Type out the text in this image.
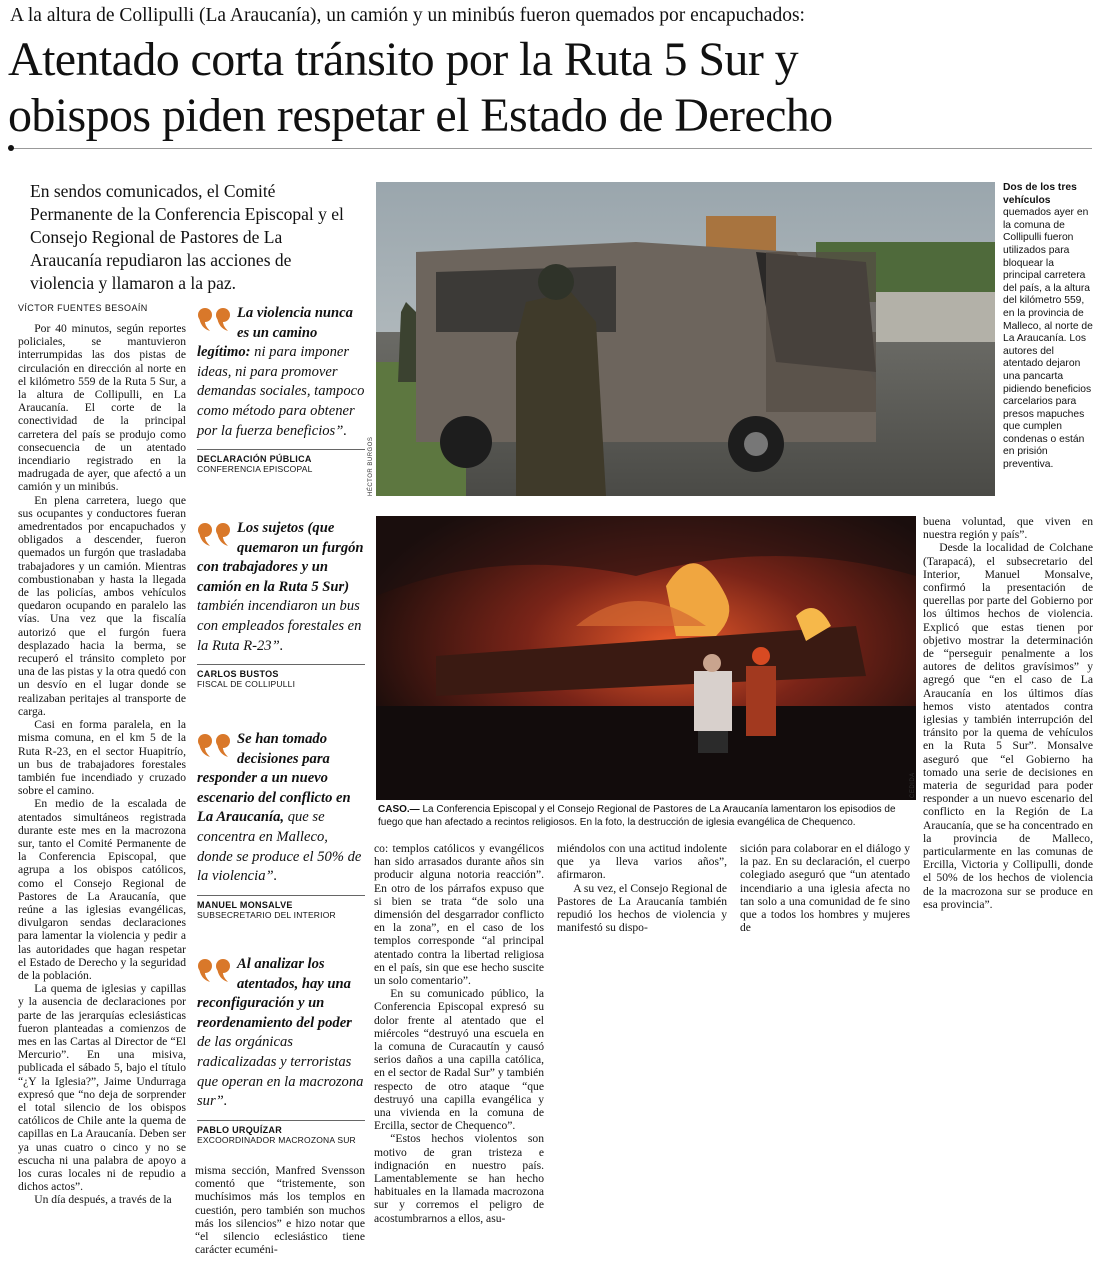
A la altura de Collipulli (La Araucanía), un camión y un minibús fueron quemados por encapuchados:
Atentado corta tránsito por la Ruta 5 Sur y
obispos piden respetar el Estado de Derecho
En sendos comunicados, el Comité Permanente de la Conferencia Episcopal y el Consejo Regional de Pastores de La Araucanía repudiaron las acciones de violencia y llamaron a la paz.
VÍCTOR FUENTES BESOAÍN

Por 40 minutos, según reportes policiales, se mantuvieron interrumpidas las dos pistas de circulación en dirección al norte en el kilómetro 559 de la Ruta 5 Sur, a la altura de Collipulli, en La Araucanía. El corte de la conectividad de la principal carretera del país se produjo como consecuencia de un atentado incendiario registrado en la madrugada de ayer, que afectó a un camión y un minibús.

En plena carretera, luego que sus ocupantes y conductores fueran amedrentados por encapuchados y obligados a descender, fueron quemados un furgón que trasladaba trabajadores y un camión. Mientras combustionaban y hasta la llegada de las policías, ambos vehículos quedaron ocupando en paralelo las vías. Una vez que la fiscalía autorizó que el furgón fuera desplazado hacia la berma, se recuperó el tránsito completo por una de las pistas y la otra quedó con un desvío en el lugar donde se realizaban peritajes al transporte de carga.

Casi en forma paralela, en la misma comuna, en el km 5 de la Ruta R-23, en el sector Huapitrío, un bus de trabajadores forestales también fue incendiado y cruzado sobre el camino.

En medio de la escalada de atentados simultáneos registrada durante este mes en la macrozona sur, tanto el Comité Permanente de la Conferencia Episcopal, que agrupa a los obispos católicos, como el Consejo Regional de Pastores de La Araucanía, que reúne a las iglesias evangélicas, divulgaron sendas declaraciones para lamentar la violencia y pedir a las autoridades que hagan respetar el Estado de Derecho y la seguridad de la población.

La quema de iglesias y capillas y la ausencia de declaraciones por parte de las jerarquías eclesiásticas fueron planteadas a comienzos de mes en las Cartas al Director de “El Mercurio”. En una misiva, publicada el sábado 5, bajo el título “¿Y la Iglesia?”, Jaime Undurraga expresó que “no deja de sorprender el total silencio de los obispos católicos de Chile ante la quema de capillas en La Araucanía. Deben ser ya unas cuatro o cinco y no se escucha ni una palabra de apoyo a los curas locales ni de repudio a dichos actos”.

Un día después, a través de la

La violencia nunca es un camino legítimo: ni para imponer ideas, ni para promover demandas sociales, tampoco como método para obtener por la fuerza beneficios”.
DECLARACIÓN PÚBLICA
CONFERENCIA EPISCOPAL
Los sujetos (que quemaron un furgón con trabajadores y un camión en la Ruta 5 Sur) también incendiaron un bus con empleados forestales en la Ruta R-23”.
CARLOS BUSTOS
FISCAL DE COLLIPULLI
Se han tomado decisiones para responder a un nuevo escenario del conflicto en La Araucanía, que se concentra en Malleco, donde se produce el 50% de la violencia”.
MANUEL MONSALVE
SUBSECRETARIO DEL INTERIOR
Al analizar los atentados, hay una reconfiguración y un reordenamiento del poder de las orgánicas radicalizadas y terroristas que operan en la macrozona sur”.
PABLO URQUÍZAR
EXCOORDINADOR MACROZONA SUR

misma sección, Manfred Svensson comentó que “tristemente, son muchísimos más los templos en cuestión, pero también son muchos más los silencios” e hizo notar que “el silencio eclesiástico tiene carácter ecuméni-

HÉCTOR BURGOS
Dos de los tres vehículos quemados ayer en la comuna de Collipulli fueron utilizados para bloquear la principal carretera del país, a la altura del kilómetro 559, en la provincia de Malleco, al norte de La Araucanía. Los autores del atentado dejaron una pancarta pidiendo beneficios carcelarios para presos mapuches que cumplen condenas o están en prisión preventiva.
CEDIDA
CASO.— La Conferencia Episcopal y el Consejo Regional de Pastores de La Araucanía lamentaron los episodios de fuego que han afectado a recintos religiosos. En la foto, la destrucción de iglesia evangélica de Chequenco.

co: templos católicos y evangélicos han sido arrasados durante años sin producir alguna notoria reacción”. En otro de los párrafos expuso que si bien se trata “de solo una dimensión del desgarrador conflicto en la zona”, en el caso de los templos corresponde “al principal atentado contra la libertad religiosa en el país, sin que ese hecho suscite un solo comentario”.

En su comunicado público, la Conferencia Episcopal expresó su dolor frente al atentado que el miércoles “destruyó una escuela en la comuna de Curacautín y causó serios daños a una capilla católica, en el sector de Radal Sur” y también respecto de otro ataque “que destruyó una capilla evangélica y una vivienda en la comuna de Ercilla, sector de Chequenco”.

“Estos hechos violentos son motivo de gran tristeza e indignación en nuestro país. Lamentablemente se han hecho habituales en la llamada macrozona sur y corremos el peligro de acostumbrarnos a ellos, asu-

miéndolos con una actitud indolente que ya lleva varios años”, afirmaron.

A su vez, el Consejo Regional de Pastores de La Araucanía también repudió los hechos de violencia y manifestó su dispo-

sición para colaborar en el diálogo y la paz. En su declaración, el cuerpo colegiado aseguró que “un atentado incendiario a una iglesia afecta no tan solo a una comunidad de fe sino que a todos los hombres y mujeres de

buena voluntad, que viven en nuestra región y país”.

Desde la localidad de Colchane (Tarapacá), el subsecretario del Interior, Manuel Monsalve, confirmó la presentación de querellas por parte del Gobierno por los últimos hechos de violencia. Explicó que estas tienen por objetivo mostrar la determinación de “perseguir penalmente a los autores de delitos gravísimos” y agregó que “en el caso de La Araucanía en los últimos días hemos visto atentados contra iglesias y también interrupción del tránsito por la quema de vehículos en la Ruta 5 Sur”. Monsalve aseguró que “el Gobierno ha tomado una serie de decisiones en materia de seguridad para poder responder a un nuevo escenario del conflicto en la Región de La Araucanía, que se ha concentrado en la provincia de Malleco, particularmente en las comunas de Ercilla, Victoria y Collipulli, donde el 50% de los hechos de violencia de la macrozona sur se produce en esa provincia”.
